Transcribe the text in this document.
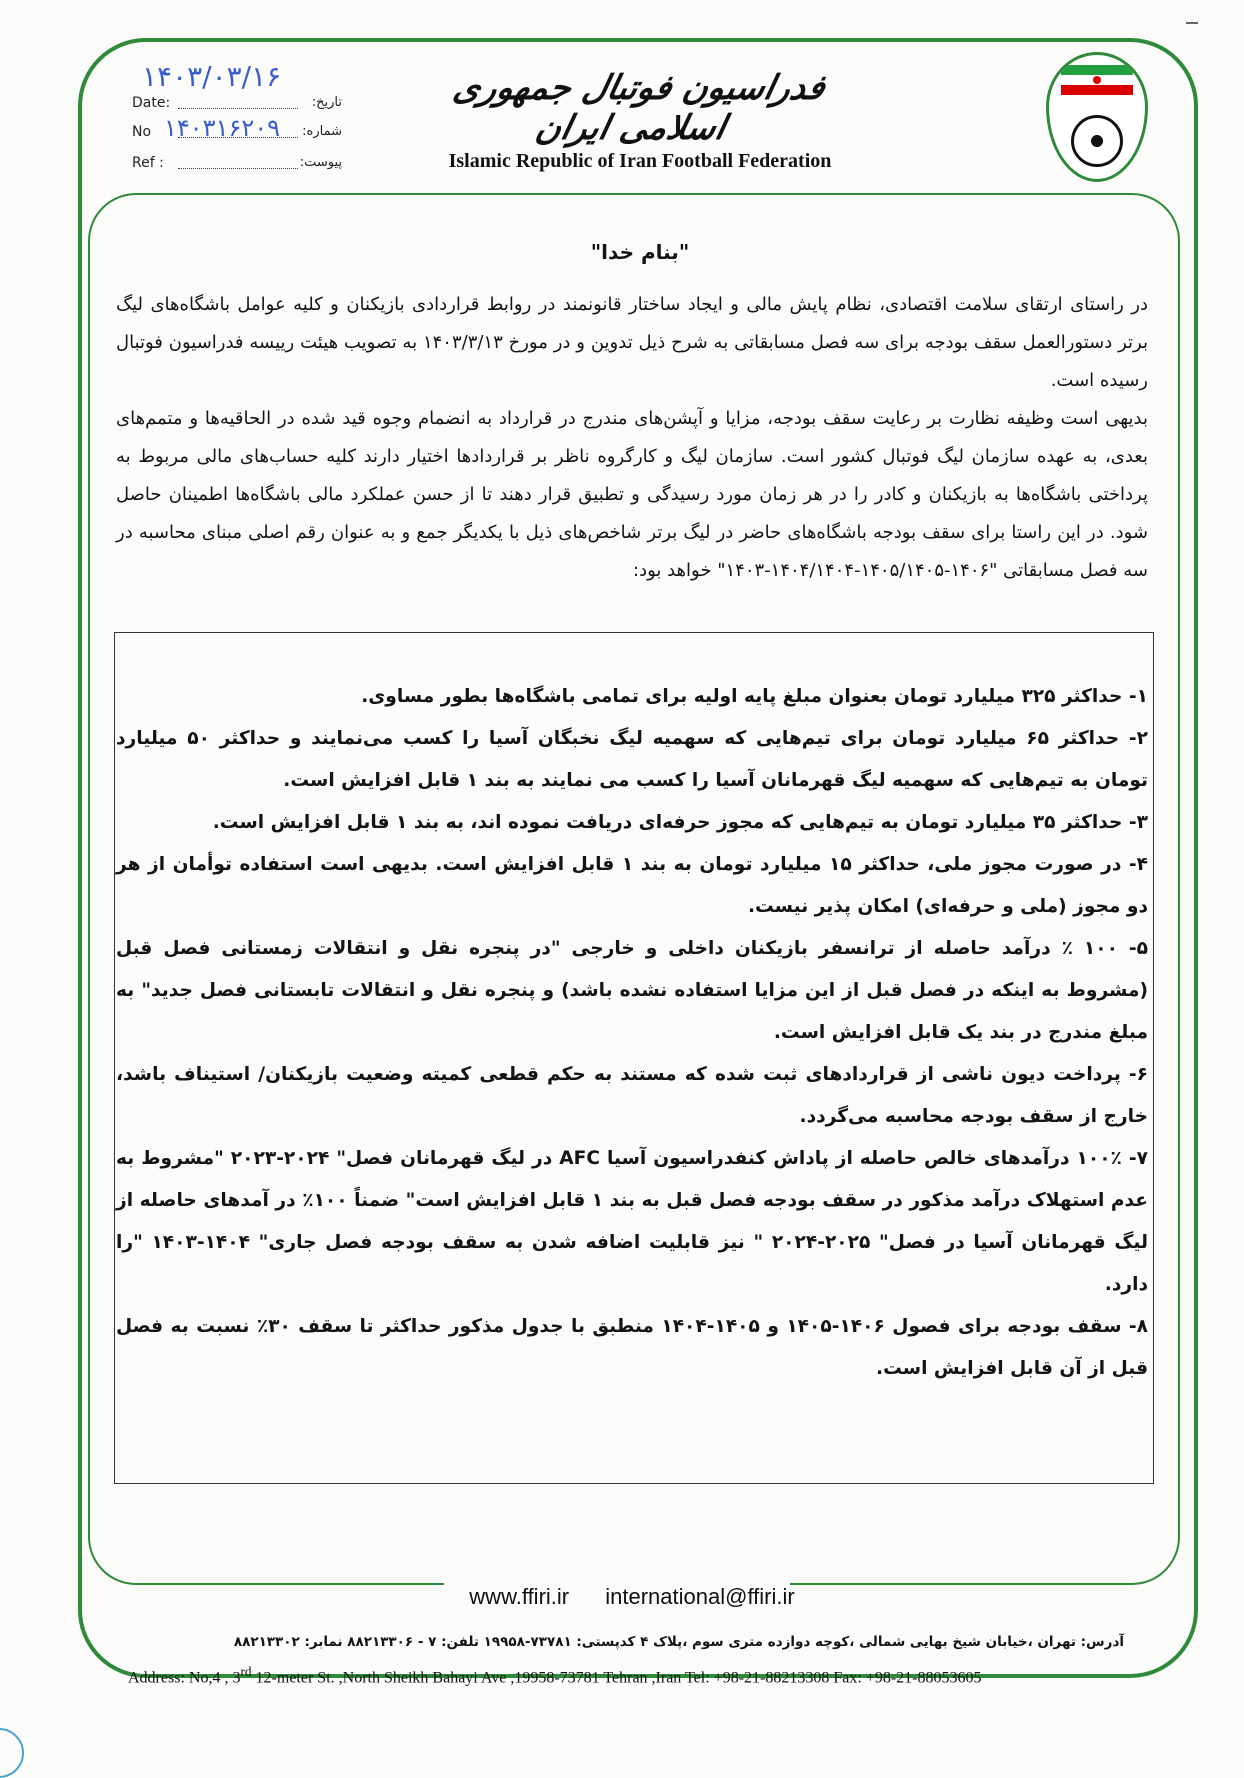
۱۴۰۳/۰۳/۱۶
Date:	تاریخ:
No	شماره:
۱۴۰۳۱۶۲۰۹
Ref :	پیوست:
فدراسیون فوتبال جمهوری اسلامی ایران
Islamic Republic of Iran Football Federation
"بنام خدا"

در راستای ارتقای سلامت اقتصادی، نظام پایش مالی و ایجاد ساختار قانونمند در روابط قراردادی بازیکنان و کلیه عوامل باشگاه‌های لیگ برتر دستورالعمل سقف بودجه برای سه فصل مسابقاتی به شرح ذیل تدوین و در مورخ ۱۴۰۳/۳/۱۳ به تصویب هیئت رییسه فدراسیون فوتبال رسیده است.

بدیهی است وظیفه نظارت بر رعایت سقف بودجه، مزایا و آپشن‌های مندرج در قرارداد به انضمام وجوه قید شده در الحاقیه‌ها و متمم‌های بعدی، به عهده سازمان لیگ فوتبال کشور است. سازمان لیگ و کارگروه ناظر بر قراردادها اختیار دارند کلیه حساب‌های مالی مربوط به پرداختی باشگاه‌ها به بازیکنان و کادر را در هر زمان مورد رسیدگی و تطبیق قرار دهند تا از حسن عملکرد مالی باشگاه‌ها اطمینان حاصل شود. در این راستا برای سقف بودجه باشگاه‌های حاضر در لیگ برتر شاخص‌های ذیل با یکدیگر جمع و به عنوان رقم اصلی مبنای محاسبه در سه فصل مسابقاتی "۱۴۰۶-۱۴۰۵/۱۴۰۵-۱۴۰۴/۱۴۰۴-۱۴۰۳" خواهد بود:

۱- حداکثر ۳۲۵ میلیارد تومان بعنوان مبلغ پایه اولیه برای تمامی باشگاه‌ها بطور مساوی.

۲- حداکثر ۶۵ میلیارد تومان برای تیم‌هایی که سهمیه لیگ نخبگان آسیا را کسب می‌نمایند و حداکثر ۵۰ میلیارد تومان به تیم‌هایی که سهمیه لیگ قهرمانان آسیا را کسب می نمایند به بند ۱ قابل افزایش است.

۳- حداکثر ۳۵ میلیارد تومان به تیم‌هایی که مجوز حرفه‌ای دریافت نموده اند، به بند ۱ قابل افزایش است.

۴- در صورت مجوز ملی، حداکثر ۱۵ میلیارد تومان به بند ۱ قابل افزایش است. بدیهی است استفاده توأمان از هر دو مجوز (ملی و حرفه‌ای) امکان پذیر نیست.

۵- ۱۰۰ ٪ درآمد حاصله از ترانسفر بازیکنان داخلی و خارجی "در پنجره نقل و انتقالات زمستانی فصل قبل (مشروط به اینکه در فصل قبل از این مزایا استفاده نشده باشد) و پنجره نقل و انتقالات تابستانی فصل جدید" به مبلغ مندرج در بند یک قابل افزایش است.

۶- پرداخت دیون ناشی از قراردادهای ثبت شده که مستند به حکم قطعی کمیته وضعیت بازیکنان/ استیناف باشد، خارج از سقف بودجه محاسبه می‌گردد.

۷- ۱۰۰٪ درآمدهای خالص حاصله از پاداش کنفدراسیون آسیا AFC در لیگ قهرمانان فصل" ۲۰۲۴-۲۰۲۳ "مشروط به عدم استهلاک درآمد مذکور در سقف بودجه فصل قبل به بند ۱ قابل افزایش است" ضمناً ۱۰۰٪ در آمدهای حاصله از لیگ قهرمانان آسیا در فصل" ۲۰۲۵-۲۰۲۴ " نیز قابلیت اضافه شدن به سقف بودجه فصل جاری" ۱۴۰۴-۱۴۰۳ "را دارد.

۸- سقف بودجه برای فصول ۱۴۰۶-۱۴۰۵ و ۱۴۰۵-۱۴۰۴ منطبق با جدول مذکور حداکثر تا سقف ۳۰٪ نسبت به فصل قبل از آن قابل افزایش است.

www.ffiri.ir international@ffiri.ir
آدرس: تهران ،خیابان شیخ بهایی شمالی ،کوچه دوازده متری سوم ،پلاک ۴ کدپستی: ۷۳۷۸۱-۱۹۹۵۸ تلفن: ۷ - ۸۸۲۱۳۳۰۶ نمابر: ۸۸۲۱۳۳۰۲
Address: No,4 , 3rd 12-meter St. ,North Sheikh Bahayi Ave ,19958-73781 Tehran ,Iran Tel: +98-21-88213308 Fax: +98-21-88053605
